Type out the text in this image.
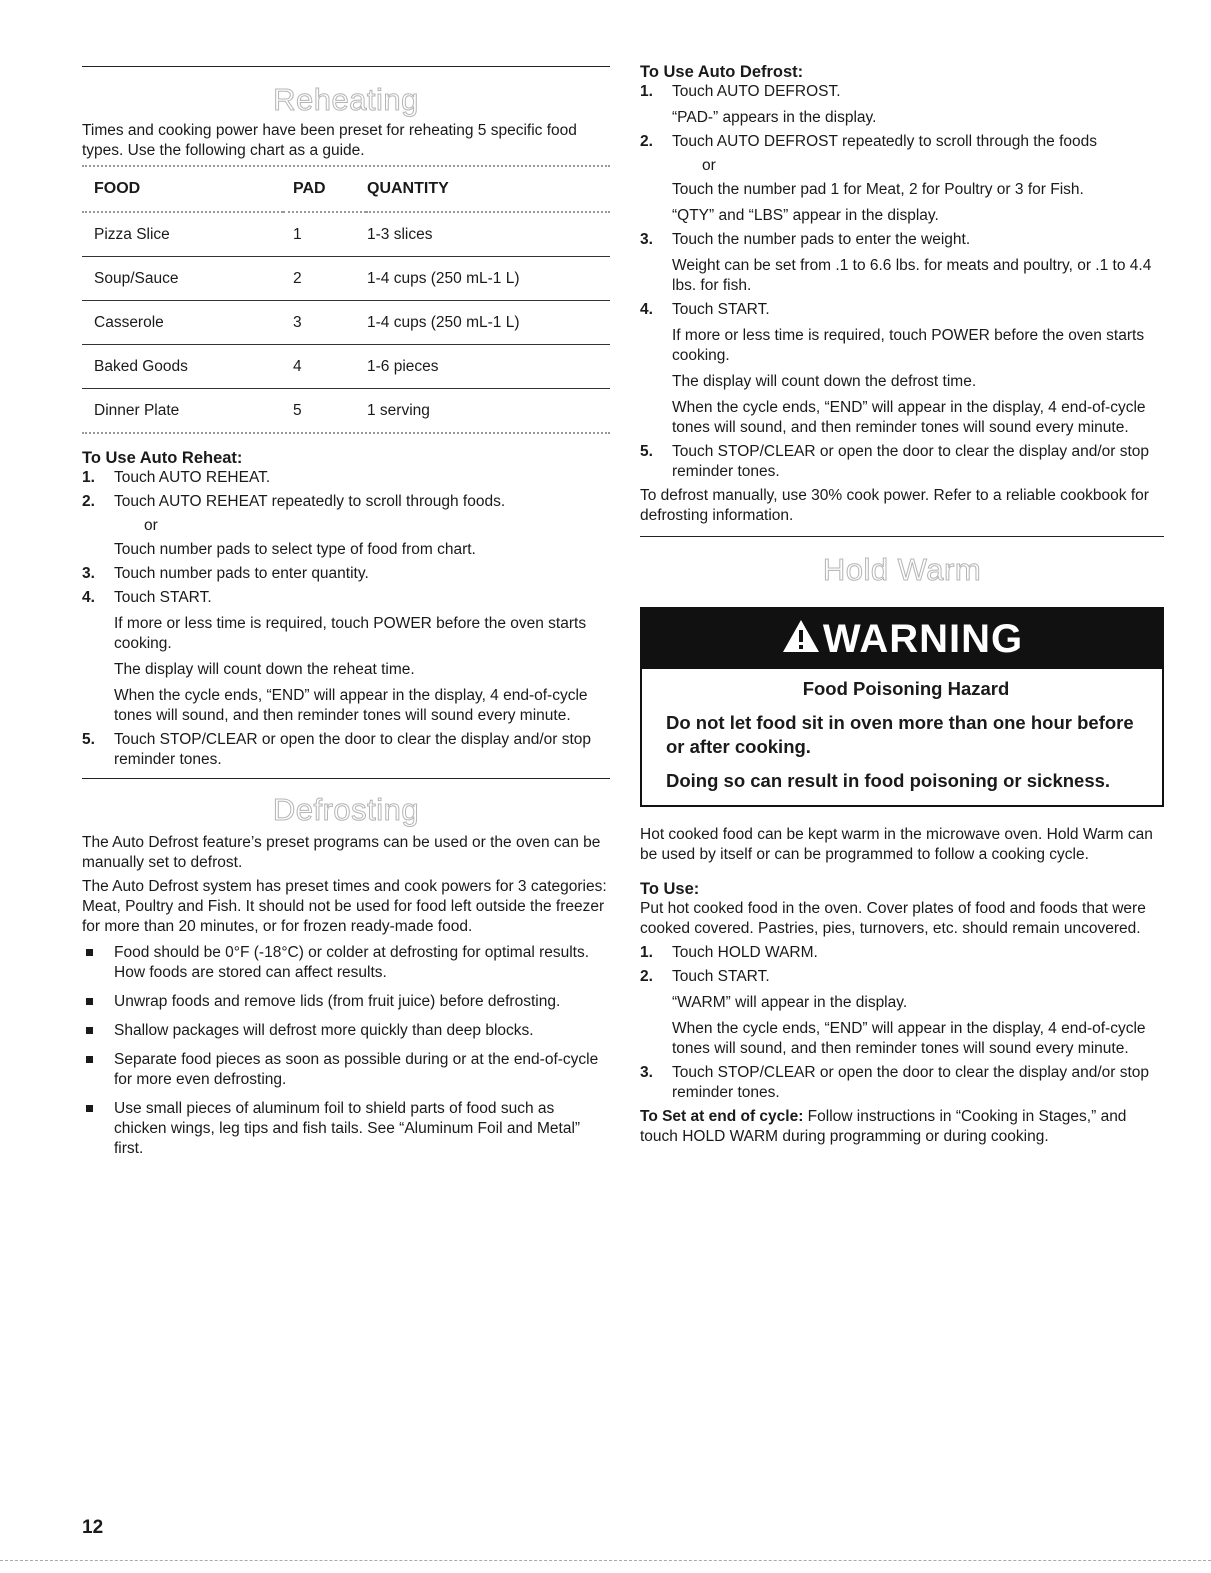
Reheating

Times and cooking power have been preset for reheating 5 specific food types. Use the following chart as a guide.

FOOD	PAD	QUANTITY
Pizza Slice	1	1-3 slices
Soup/Sauce	2	1-4 cups (250 mL-1 L)
Casserole	3	1-4 cups (250 mL-1 L)
Baked Goods	4	1-6 pieces
Dinner Plate	5	1 serving
To Use Auto Reheat:
1. Touch AUTO REHEAT.
2. Touch AUTO REHEAT repeatedly to scroll through foods.
or
Touch number pads to select type of food from chart.
3. Touch number pads to enter quantity.
4. Touch START.
If more or less time is required, touch POWER before the oven starts cooking.
The display will count down the reheat time.
When the cycle ends, “END” will appear in the display, 4 end-of-cycle tones will sound, and then reminder tones will sound every minute.
5. Touch STOP/CLEAR or open the door to clear the display and/or stop reminder tones.
Defrosting

The Auto Defrost feature’s preset programs can be used or the oven can be manually set to defrost.

The Auto Defrost system has preset times and cook powers for 3 categories: Meat, Poultry and Fish. It should not be used for food left outside the freezer for more than 20 minutes, or for frozen ready-made food.

Food should be 0°F (-18°C) or colder at defrosting for optimal results. How foods are stored can affect results.
Unwrap foods and remove lids (from fruit juice) before defrosting.
Shallow packages will defrost more quickly than deep blocks.
Separate food pieces as soon as possible during or at the end-of-cycle for more even defrosting.
Use small pieces of aluminum foil to shield parts of food such as chicken wings, leg tips and fish tails. See “Aluminum Foil and Metal” first.
To Use Auto Defrost:
1. Touch AUTO DEFROST.
“PAD-” appears in the display.
2. Touch AUTO DEFROST repeatedly to scroll through the foods
or
Touch the number pad 1 for Meat, 2 for Poultry or 3 for Fish.
“QTY” and “LBS” appear in the display.
3. Touch the number pads to enter the weight.
Weight can be set from .1 to 6.6 lbs. for meats and poultry, or .1 to 4.4 lbs. for fish.
4. Touch START.
If more or less time is required, touch POWER before the oven starts cooking.
The display will count down the defrost time.
When the cycle ends, “END” will appear in the display, 4 end-of-cycle tones will sound, and then reminder tones will sound every minute.
5. Touch STOP/CLEAR or open the door to clear the display and/or stop reminder tones.

To defrost manually, use 30% cook power. Refer to a reliable cookbook for defrosting information.

Hold Warm
WARNING
Food Poisoning Hazard
Do not let food sit in oven more than one hour before or after cooking.
Doing so can result in food poisoning or sickness.

Hot cooked food can be kept warm in the microwave oven. Hold Warm can be used by itself or can be programmed to follow a cooking cycle.

To Use:

Put hot cooked food in the oven. Cover plates of food and foods that were cooked covered. Pastries, pies, turnovers, etc. should remain uncovered.

1. Touch HOLD WARM.
2. Touch START.
“WARM” will appear in the display.
When the cycle ends, “END” will appear in the display, 4 end-of-cycle tones will sound, and then reminder tones will sound every minute.
3. Touch STOP/CLEAR or open the door to clear the display and/or stop reminder tones.

To Set at end of cycle: Follow instructions in “Cooking in Stages,” and touch HOLD WARM during programming or during cooking.

12
